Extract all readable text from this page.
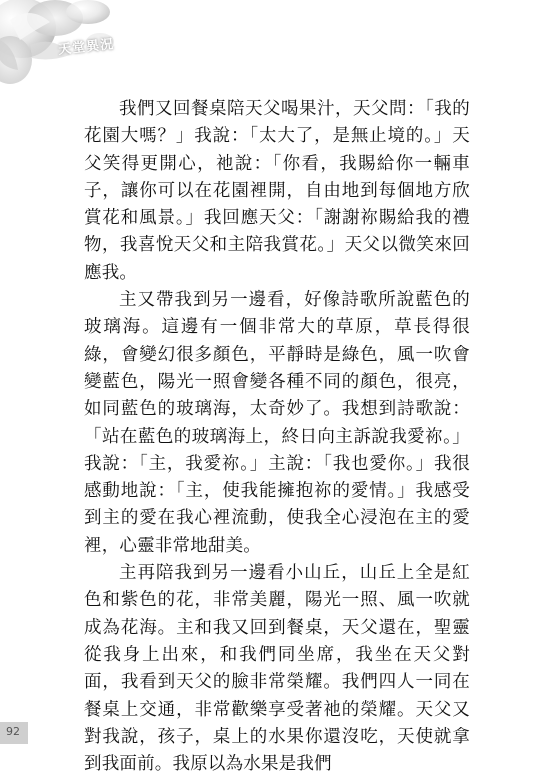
天堂異況

我們又回餐桌陪天父喝果汁，天父問：「我的花園大嗎？」我說：「太大了，是無止境的。」天父笑得更開心，祂說：「你看，我賜給你一輛車子，讓你可以在花園裡開，自由地到每個地方欣賞花和風景。」我回應天父：「謝謝祢賜給我的禮物，我喜悅天父和主陪我賞花。」天父以微笑來回應我。

主又帶我到另一邊看，好像詩歌所說藍色的玻璃海。這邊有一個非常大的草原，草長得很綠，會變幻很多顏色，平靜時是綠色，風一吹會變藍色，陽光一照會變各種不同的顏色，很亮，如同藍色的玻璃海，太奇妙了。我想到詩歌說：「站在藍色的玻璃海上，終日向主訴說我愛祢。」我說：「主，我愛祢。」主說：「我也愛你。」我很感動地說：「主，使我能擁抱祢的愛情。」我感受到主的愛在我心裡流動，使我全心浸泡在主的愛裡，心靈非常地甜美。

主再陪我到另一邊看小山丘，山丘上全是紅色和紫色的花，非常美麗，陽光一照、風一吹就成為花海。主和我又回到餐桌，天父還在，聖靈從我身上出來，和我們同坐席，我坐在天父對面，我看到天父的臉非常榮耀。我們四人一同在餐桌上交通，非常歡樂享受著祂的榮耀。天父又對我說，孩子，桌上的水果你還沒吃，天使就拿到我面前。我原以為水果是我們

92
